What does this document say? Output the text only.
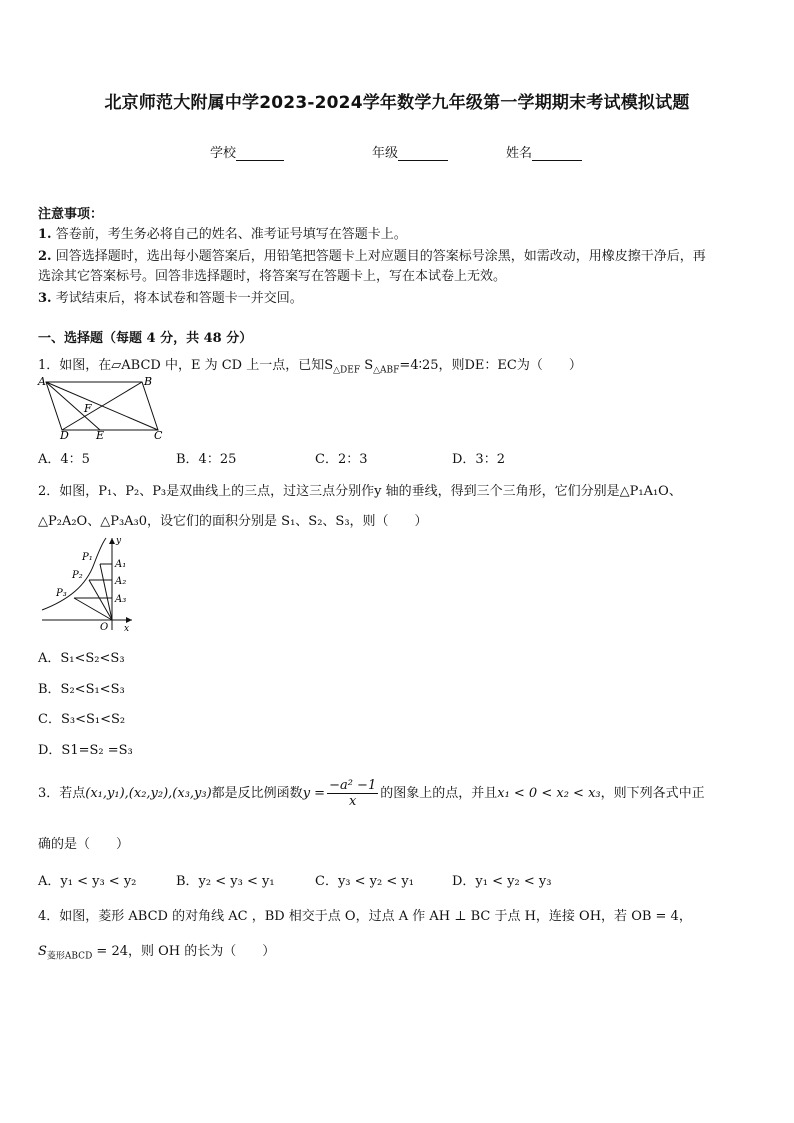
北京师范大附属中学2023-2024学年数学九年级第一学期期末考试模拟试题
学校	年级	姓名
注意事项：
1. 答卷前，考生务必将自己的姓名、准考证号填写在答题卡上。
2. 回答选择题时，选出每小题答案后，用铅笔把答题卡上对应题目的答案标号涂黑，如需改动，用橡皮擦干净后，再
选涂其它答案标号。回答非选择题时，将答案写在答题卡上，写在本试卷上无效。
3. 考试结束后，将本试卷和答题卡一并交回。
一、选择题（每题 4 分，共 48 分）
1．如图，在▱ABCD 中，E 为 CD 上一点，已知$S_{\triangle DEF}$ $S_{\triangle ABF}=4∶25$，则DE：EC为（　　）
A	B
C
D E
F
A．4：5	B．4：25	C．2：3	D．3：2
2．如图，P₁、P₂、P₃是双曲线上的三点，过这三点分别作y 轴的垂线，得到三个三角形，它们分别是△P₁A₁O、
△P₂A₂O、△P₃A₃0，设它们的面积分别是 S₁、S₂、S₃，则（　　）
y
x
O
P₁
P₂
P₃
A₁
A₂
A₃
A．S₁<S₂<S₃
B．S₂<S₁<S₃
C．S₃<S₁<S₂
D．S1=S₂ =S₃
3．若点(x₁,y₁),(x₂,y₂),(x₃,y₃)都是反比例函数$y = \frac{\text{−a² −1}}{x}$ 的图象上的点，并且x₁ < 0 < x₂ < x₃，则下列各式中正
确的是（　　）
A．y₁ < y₃ < y₂	B．y₂ < y₃ < y₁	C．y₃ < y₂ < y₁	D．y₁ < y₂ < y₃
4．如图，菱形 ABCD 的对角线 AC ，BD 相交于点 O，过点 A 作 AH ⊥ BC 于点 H，连接 OH，若 OB = 4，
$S_{菱形ABCD} = 24$，则 OH 的长为（　　）
